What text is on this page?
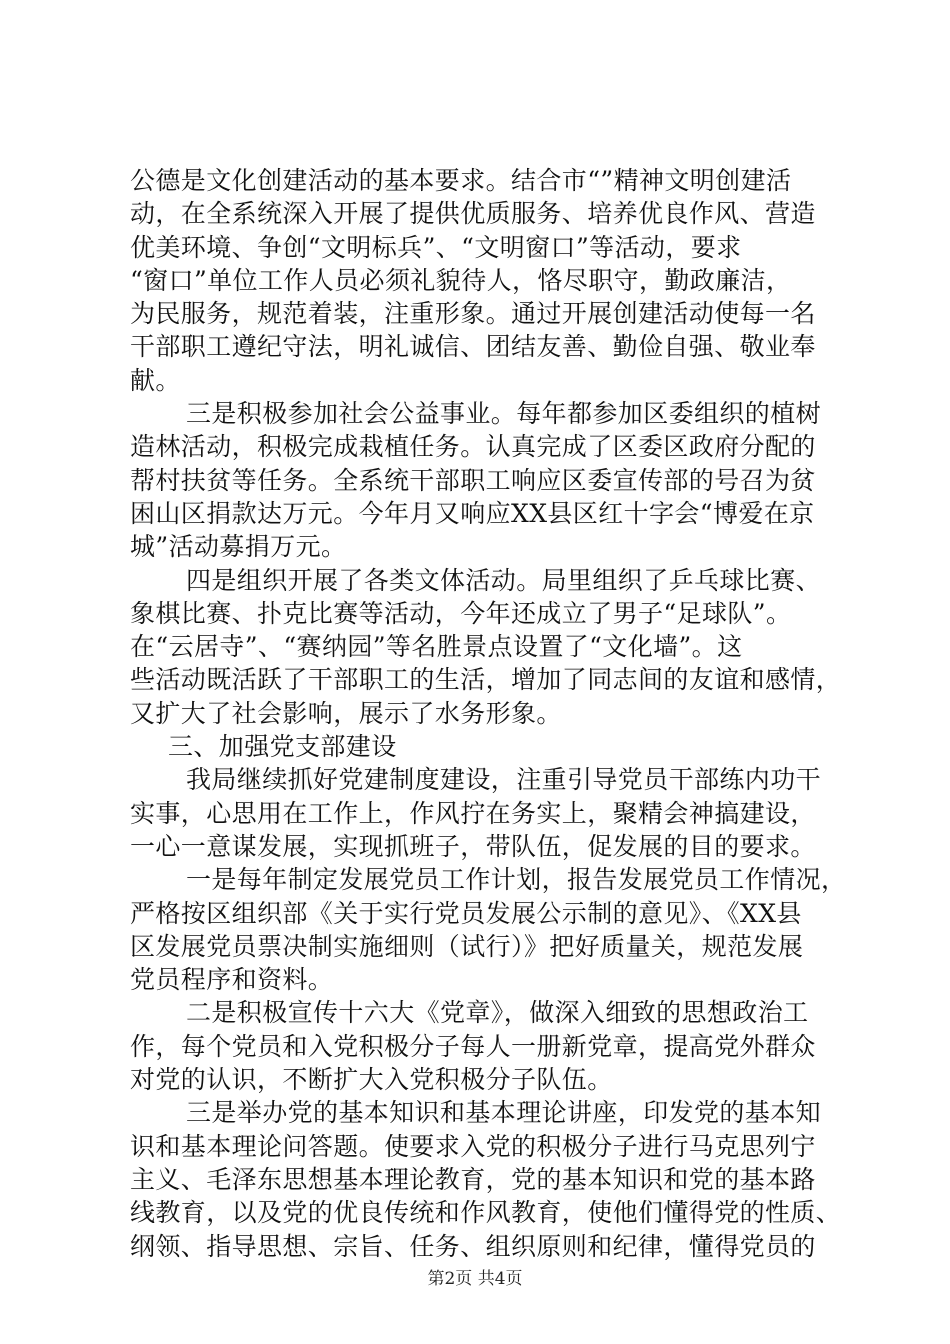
公德是文化创建活动的基本要求。结合市“”精神文明创建活
动，在全系统深入开展了提供优质服务、培养优良作风、营造
优美环境、争创“文明标兵”、“文明窗口”等活动，要求
“窗口”单位工作人员必须礼貌待人，恪尽职守，勤政廉洁，
为民服务，规范着装，注重形象。通过开展创建活动使每一名
干部职工遵纪守法，明礼诚信、团结友善、勤俭自强、敬业奉
献。
三是积极参加社会公益事业。每年都参加区委组织的植树
造林活动，积极完成栽植任务。认真完成了区委区政府分配的
帮村扶贫等任务。全系统干部职工响应区委宣传部的号召为贫
困山区捐款达万元。今年月又响应XX县区红十字会“博爱在京
城”活动募捐万元。
四是组织开展了各类文体活动。局里组织了乒乓球比赛、
象棋比赛、扑克比赛等活动，今年还成立了男子“足球队”。
在“云居寺”、“赛纳园”等名胜景点设置了“文化墙”。这
些活动既活跃了干部职工的生活，增加了同志间的友谊和感情，
又扩大了社会影响，展示了水务形象。
三、加强党支部建设
我局继续抓好党建制度建设，注重引导党员干部练内功干
实事，心思用在工作上，作风拧在务实上，聚精会神搞建设，
一心一意谋发展，实现抓班子，带队伍，促发展的目的要求。
一是每年制定发展党员工作计划，报告发展党员工作情况，
严格按区组织部《关于实行党员发展公示制的意见》、《XX县
区发展党员票决制实施细则（试行）》把好质量关，规范发展
党员程序和资料。
二是积极宣传十六大《党章》，做深入细致的思想政治工
作，每个党员和入党积极分子每人一册新党章，提高党外群众
对党的认识，不断扩大入党积极分子队伍。
三是举办党的基本知识和基本理论讲座，印发党的基本知
识和基本理论问答题。使要求入党的积极分子进行马克思列宁
主义、毛泽东思想基本理论教育，党的基本知识和党的基本路
线教育，以及党的优良传统和作风教育，使他们懂得党的性质、
纲领、指导思想、宗旨、任务、组织原则和纪律，懂得党员的
第2页 共4页
